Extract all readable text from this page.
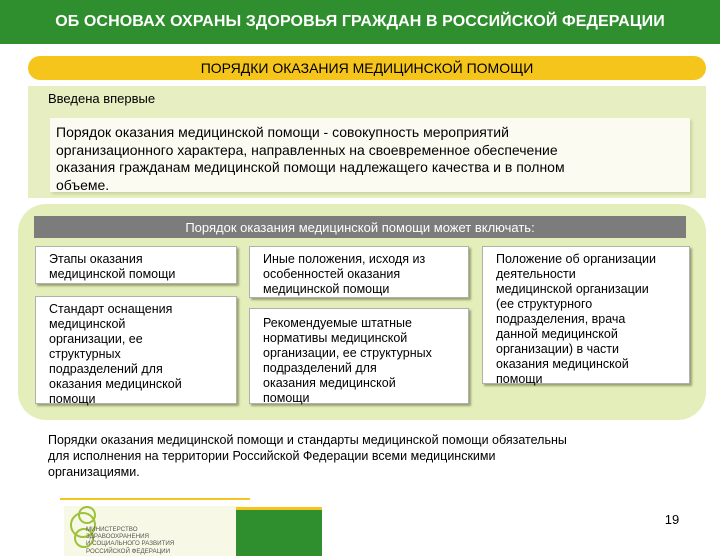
ОБ ОСНОВАХ ОХРАНЫ ЗДОРОВЬЯ ГРАЖДАН В РОССИЙСКОЙ ФЕДЕРАЦИИ
ПОРЯДКИ ОКАЗАНИЯ МЕДИЦИНСКОЙ ПОМОЩИ
Введена впервые
Порядок оказания медицинской помощи - совокупность мероприятий
организационного характера, направленных на своевременное обеспечение
оказания гражданам медицинской помощи надлежащего качества и в полном
объеме.
Порядок оказания медицинской помощи может включать:
Этапы оказания
медицинской помощи
Стандарт оснащения
медицинской
организации, ее
структурных
подразделений для
оказания медицинской
помощи
Иные положения, исходя из
особенностей оказания
медицинской помощи
Рекомендуемые штатные
нормативы медицинской
организации, ее структурных
подразделений для
оказания медицинской
помощи
Положение об организации
деятельности
медицинской организации
(ее структурного
подразделения, врача
данной медицинской
организации) в части
оказания медицинской
помощи
Порядки оказания медицинской помощи и стандарты медицинской помощи обязательны
для исполнения на территории Российской Федерации всеми медицинскими
организациями.
МИНИСТЕРСТВО
ЗДРАВООХРАНЕНИЯ
И СОЦИАЛЬНОГО РАЗВИТИЯ
РОССИЙСКОЙ ФЕДЕРАЦИИ
19
